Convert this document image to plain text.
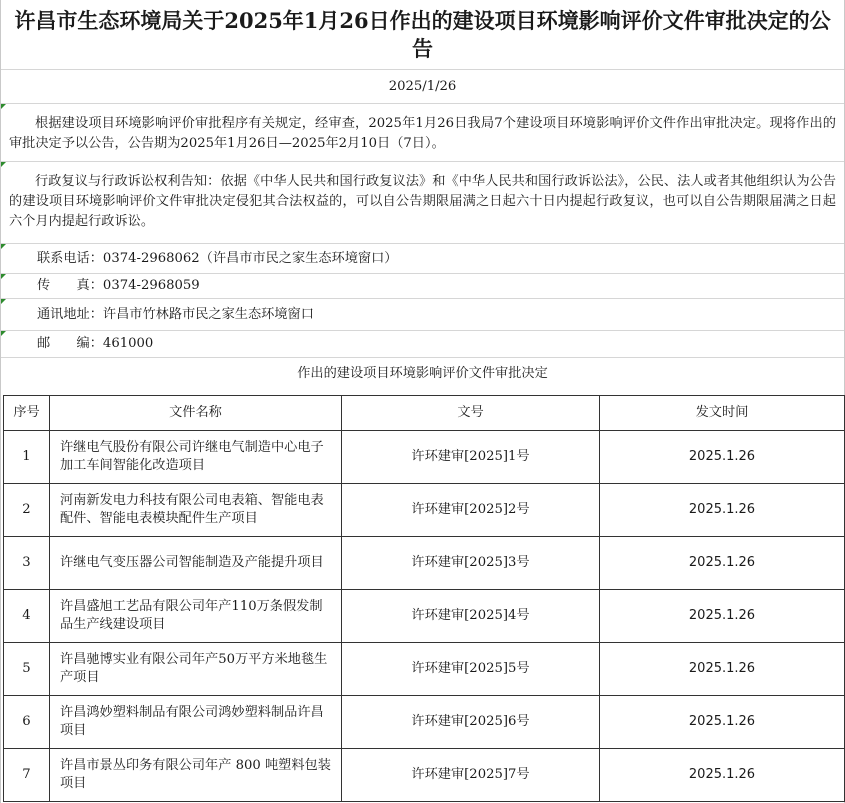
许昌市生态环境局关于2025年1月26日作出的建设项目环境影响评价文件审批决定的公告
2025/1/26
根据建设项目环境影响评价审批程序有关规定，经审查，2025年1月26日我局7个建设项目环境影响评价文件作出审批决定。现将作出的审批决定予以公告，公告期为2025年1月26日—2025年2月10日（7日）。
行政复议与行政诉讼权利告知：依据《中华人民共和国行政复议法》和《中华人民共和国行政诉讼法》，公民、法人或者其他组织认为公告的建设项目环境影响评价文件审批决定侵犯其合法权益的，可以自公告期限届满之日起六十日内提起行政复议，也可以自公告期限届满之日起六个月内提起行政诉讼。
联系电话：0374-2968062（许昌市市民之家生态环境窗口）
传　　真：0374-2968059
通讯地址：许昌市竹林路市民之家生态环境窗口
邮　　编：461000
作出的建设项目环境影响评价文件审批决定
序号	文件名称	文号	发文时间
1	许继电气股份有限公司许继电气制造中心电子加工车间智能化改造项目	许环建审[2025]1号	2025.1.26
2	河南新发电力科技有限公司电表箱、智能电表配件、智能电表模块配件生产项目	许环建审[2025]2号	2025.1.26
3	许继电气变压器公司智能制造及产能提升项目	许环建审[2025]3号	2025.1.26
4	许昌盛旭工艺品有限公司年产110万条假发制品生产线建设项目	许环建审[2025]4号	2025.1.26
5	许昌驰博实业有限公司年产50万平方米地毯生产项目	许环建审[2025]5号	2025.1.26
6	许昌鸿妙塑料制品有限公司鸿妙塑料制品许昌项目	许环建审[2025]6号	2025.1.26
7	许昌市景丛印务有限公司年产 800 吨塑料包装项目	许环建审[2025]7号	2025.1.26
